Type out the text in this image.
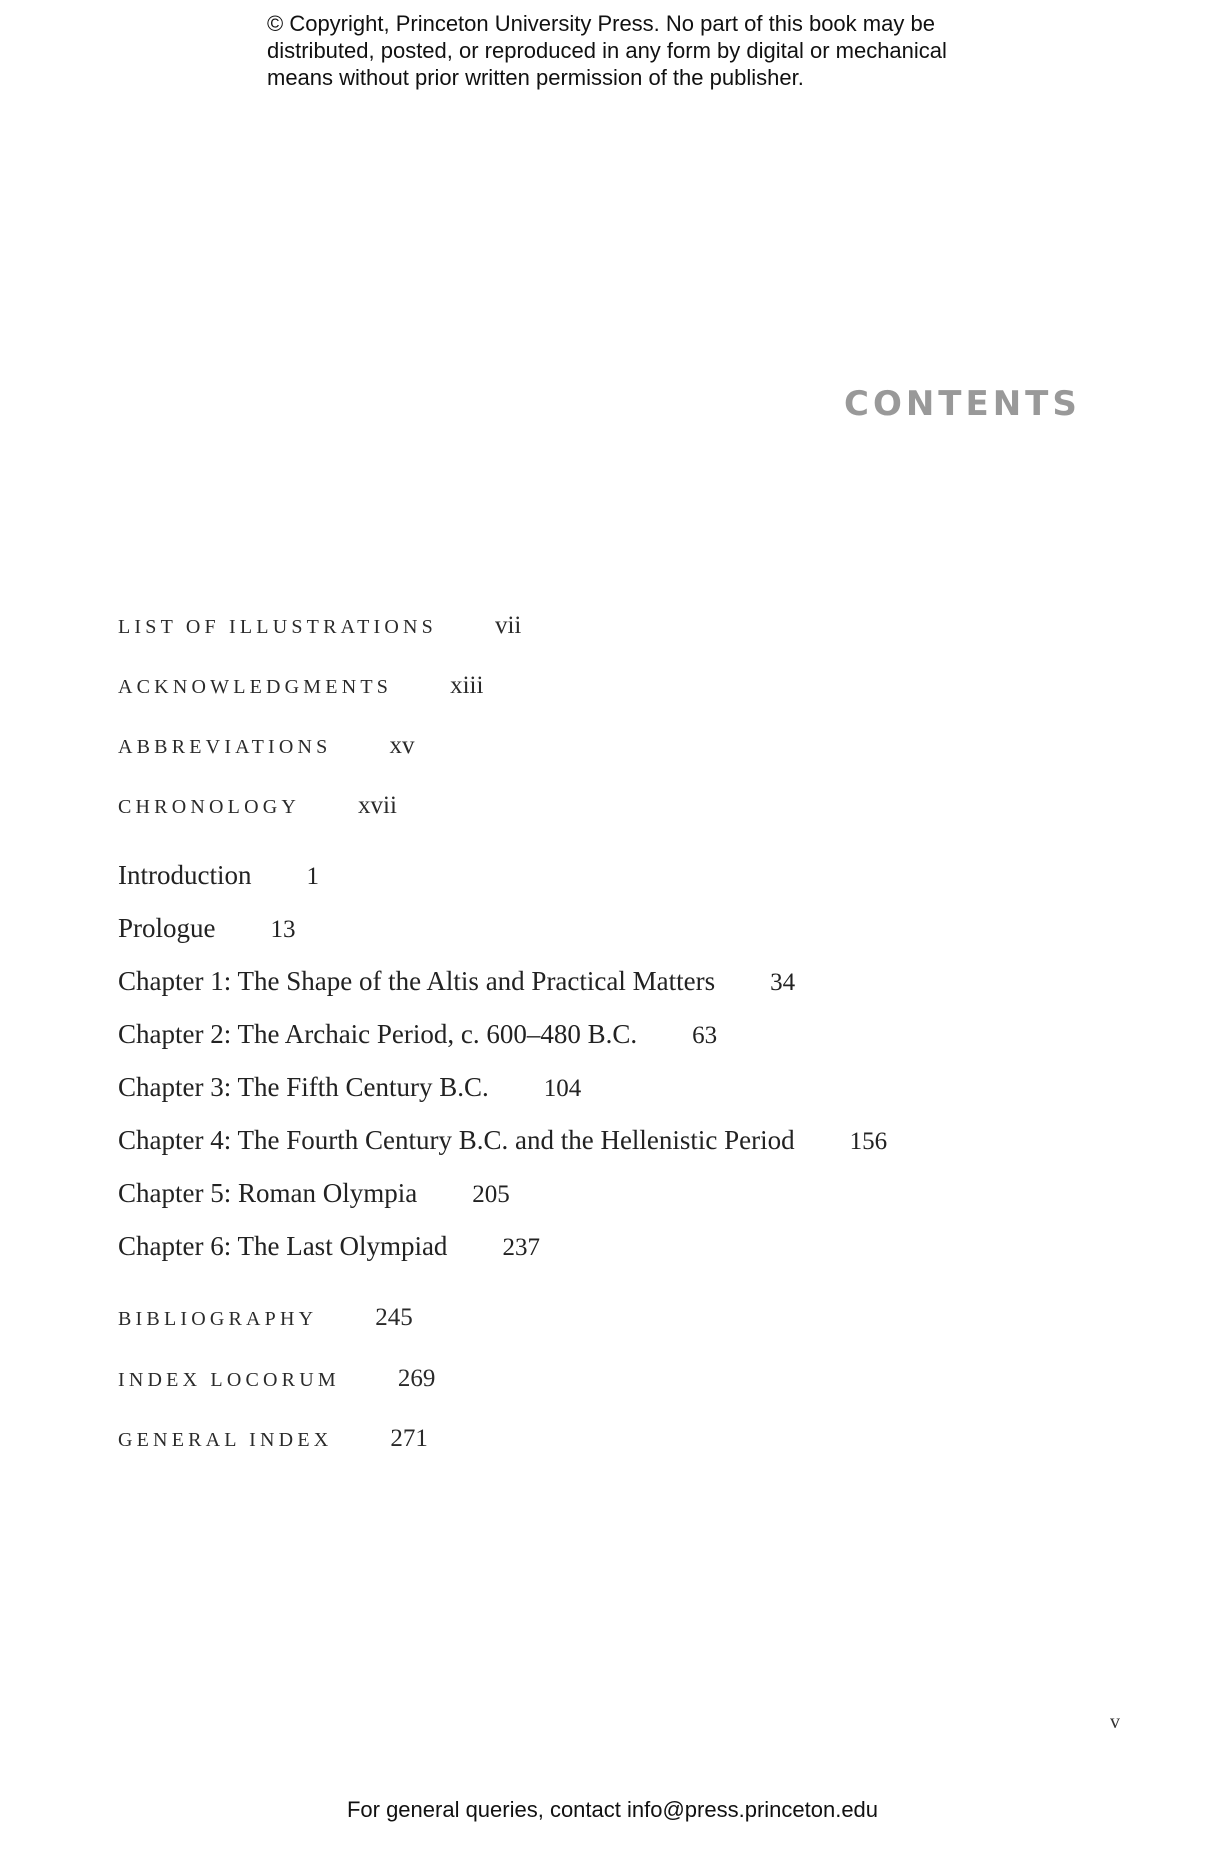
© Copyright, Princeton University Press. No part of this book may be
distributed, posted, or reproduced in any form by digital or mechanical
means without prior written permission of the publisher.
CONTENTS
LIST OF ILLUSTRATIONS vii
ACKNOWLEDGMENTS xiii
ABBREVIATIONS xv
CHRONOLOGY xvii
Introduction 1
Prologue 13
Chapter 1: The Shape of the Altis and Practical Matters 34
Chapter 2: The Archaic Period, c. 600–480 B.C. 63
Chapter 3: The Fifth Century B.C. 104
Chapter 4: The Fourth Century B.C. and the Hellenistic Period 156
Chapter 5: Roman Olympia 205
Chapter 6: The Last Olympiad 237
BIBLIOGRAPHY 245
INDEX LOCORUM 269
GENERAL INDEX 271
v
For general queries, contact info@press.princeton.edu
